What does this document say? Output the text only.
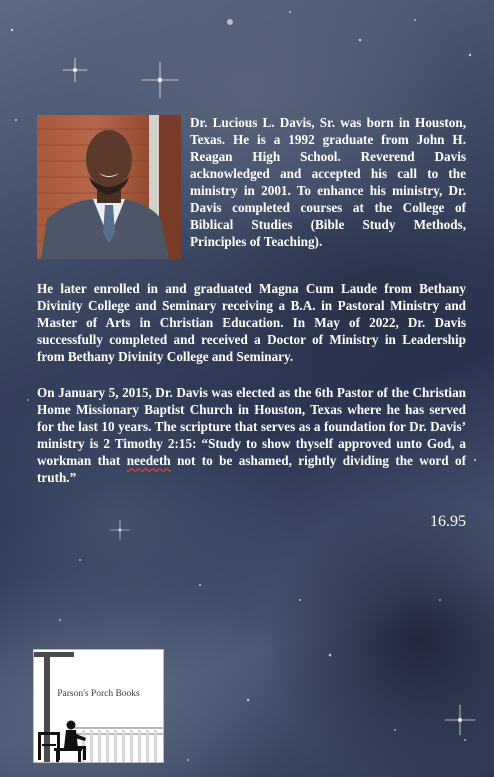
Dr. Lucious L. Davis, Sr. was born in Houston, Texas. He is a 1992 graduate from John H. Reagan High School. Reverend Davis acknowledged and accepted his call to the ministry in 2001. To enhance his ministry, Dr. Davis completed courses at the College of Biblical Studies (Bible Study Methods, Principles of Teaching).

He later enrolled in and graduated Magna Cum Laude from Bethany Divinity College and Seminary receiving a B.A. in Pastoral Ministry and Master of Arts in Christian Education. In May of 2022, Dr. Davis successfully completed and received a Doctor of Ministry in Leadership from Bethany Divinity College and Seminary.

On January 5, 2015, Dr. Davis was elected as the 6th Pastor of the Christian Home Missionary Baptist Church in Houston, Texas where he has served for the last 10 years. The scripture that serves as a foundation for Dr. Davis’ ministry is 2 Timothy 2:15: “Study to show thyself approved unto God, a workman that needeth not to be ashamed, rightly dividing the word of truth.”

16.95
Parson's Porch Books
